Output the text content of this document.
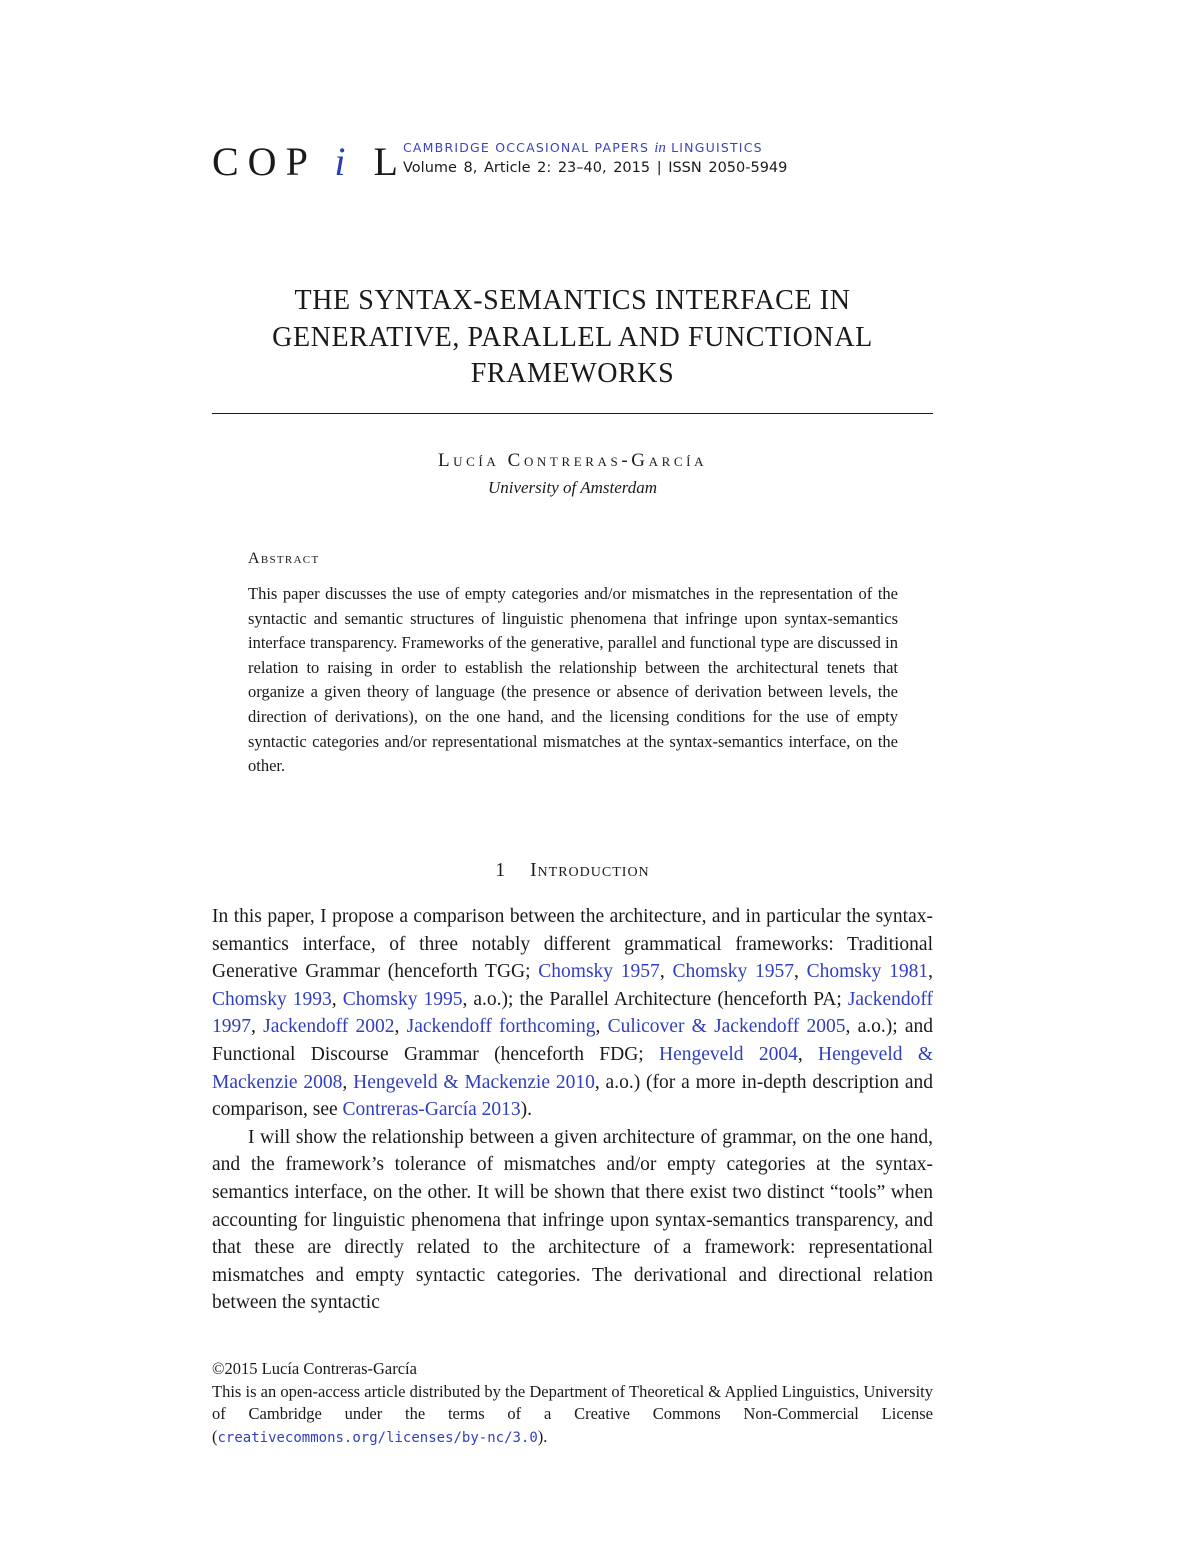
COP i L
CAMBRIDGE OCCASIONAL PAPERS in LINGUISTICS
Volume 8, Article 2: 23–40, 2015 | ISSN 2050-5949
THE SYNTAX-SEMANTICS INTERFACE IN
GENERATIVE, PARALLEL AND FUNCTIONAL
FRAMEWORKS
Lucía Contreras-García
University of Amsterdam
Abstract
This paper discusses the use of empty categories and/or mismatches in the representation of the syntactic and semantic structures of linguistic phenomena that infringe upon syntax-semantics interface transparency. Frameworks of the generative, parallel and functional type are discussed in relation to raising in order to establish the relationship between the architectural tenets that organize a given theory of language (the presence or absence of derivation between levels, the direction of derivations), on the one hand, and the licensing conditions for the use of empty syntactic categories and/or representational mismatches at the syntax-semantics interface, on the other.
1 Introduction

In this paper, I propose a comparison between the architecture, and in particular the syntax-semantics interface, of three notably different grammatical frameworks: Traditional Generative Grammar (henceforth TGG; Chomsky 1957, Chomsky 1957, Chomsky 1981, Chomsky 1993, Chomsky 1995, a.o.); the Parallel Architecture (henceforth PA; Jackendoff 1997, Jackendoff 2002, Jackendoff forthcoming, Culicover & Jackendoff 2005, a.o.); and Functional Discourse Grammar (henceforth FDG; Hengeveld 2004, Hengeveld & Mackenzie 2008, Hengeveld & Mackenzie 2010, a.o.) (for a more in-depth description and comparison, see Contreras-García 2013).

I will show the relationship between a given architecture of grammar, on the one hand, and the framework’s tolerance of mismatches and/or empty categories at the syntax-semantics interface, on the other. It will be shown that there exist two distinct “tools” when accounting for linguistic phenomena that infringe upon syntax-semantics transparency, and that these are directly related to the architecture of a framework: representational mismatches and empty syntactic categories. The derivational and directional relation between the syntactic

©2015 Lucía Contreras-García
This is an open-access article distributed by the Department of Theoretical & Applied Linguistics, University of Cambridge under the terms of a Creative Commons Non-Commercial License (creativecommons.org/licenses/by-nc/3.0).
